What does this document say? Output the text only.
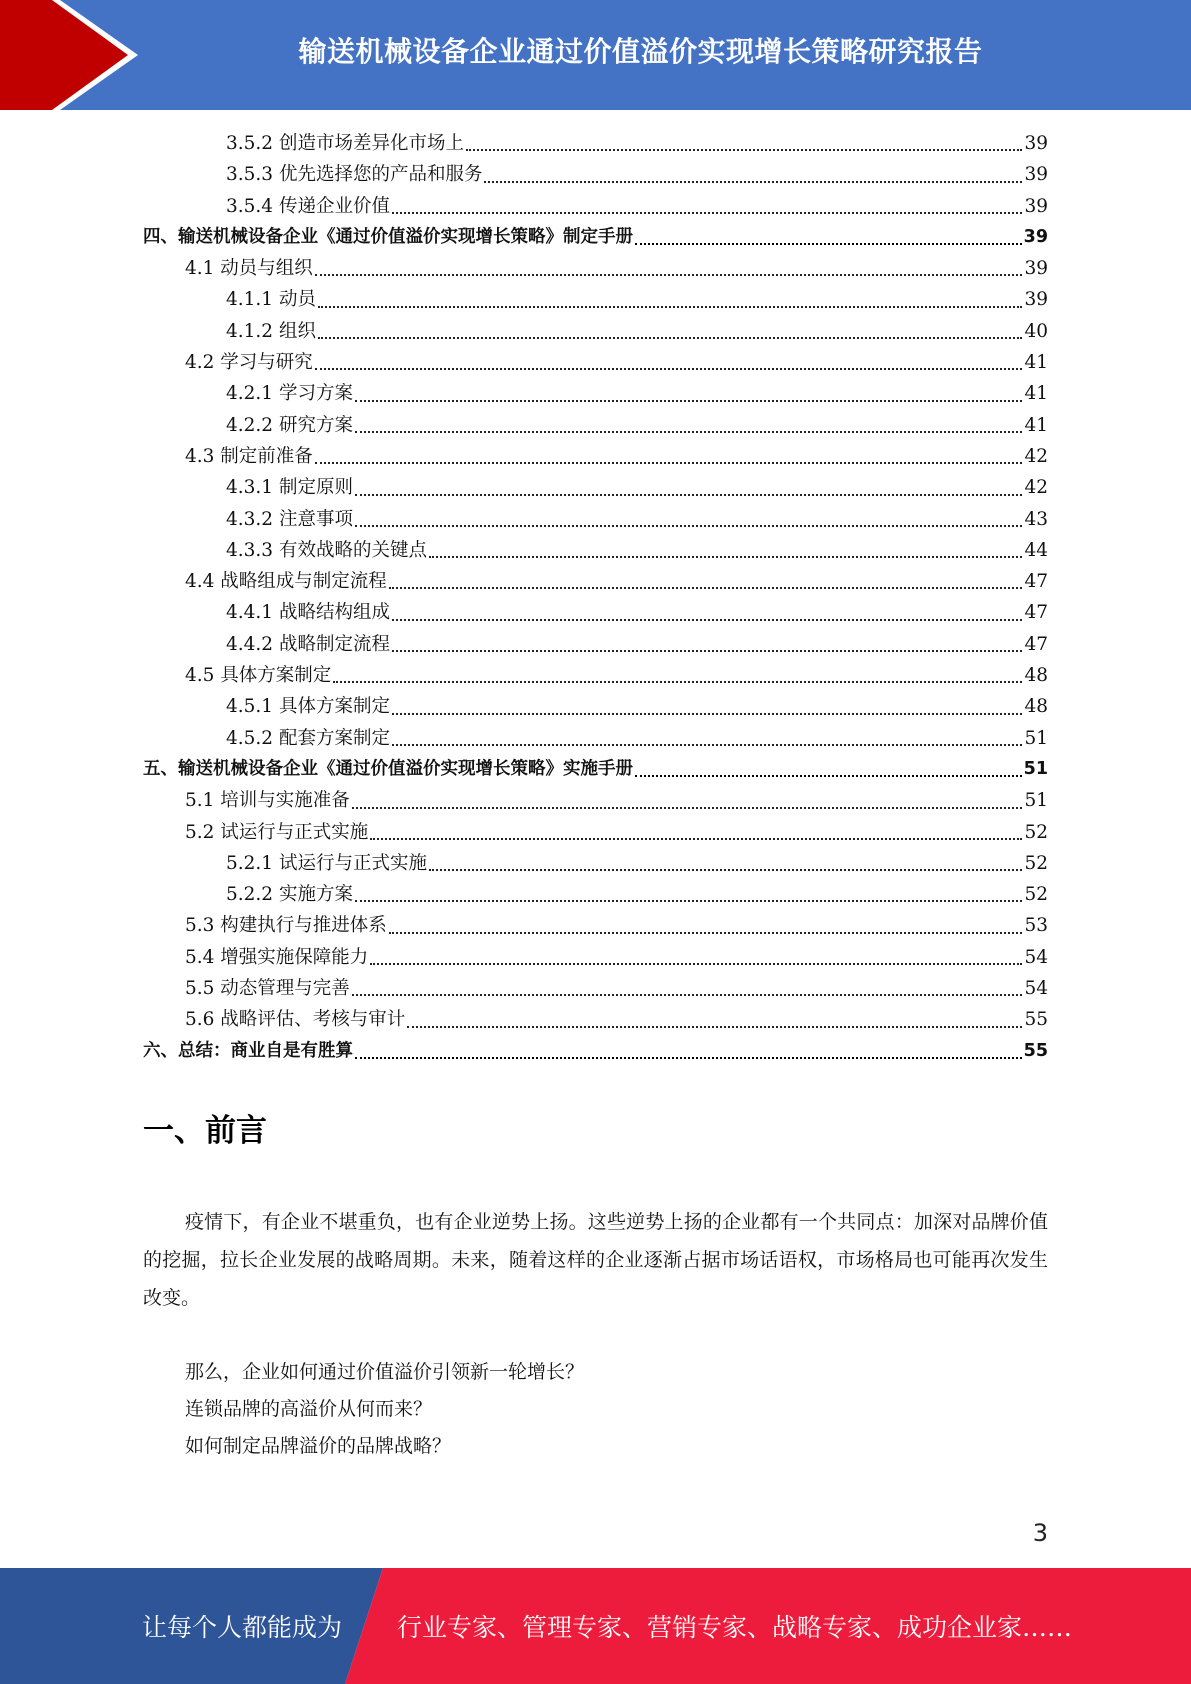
输送机械设备企业通过价值溢价实现增长策略研究报告
3.5.2 创造市场差异化市场上	39
3.5.3 优先选择您的产品和服务	39
3.5.4 传递企业价值	39
四、输送机械设备企业《通过价值溢价实现增长策略》制定手册	39
4.1 动员与组织	39
4.1.1 动员	39
4.1.2 组织	40
4.2 学习与研究	41
4.2.1 学习方案	41
4.2.2 研究方案	41
4.3 制定前准备	42
4.3.1 制定原则	42
4.3.2 注意事项	43
4.3.3 有效战略的关键点	44
4.4 战略组成与制定流程	47
4.4.1 战略结构组成	47
4.4.2 战略制定流程	47
4.5 具体方案制定	48
4.5.1 具体方案制定	48
4.5.2 配套方案制定	51
五、输送机械设备企业《通过价值溢价实现增长策略》实施手册	51
5.1 培训与实施准备	51
5.2 试运行与正式实施	52
5.2.1 试运行与正式实施	52
5.2.2 实施方案	52
5.3 构建执行与推进体系	53
5.4 增强实施保障能力	54
5.5 动态管理与完善	54
5.6 战略评估、考核与审计	55
六、总结：商业自是有胜算	55
一、前言
疫情下，有企业不堪重负，也有企业逆势上扬。这些逆势上扬的企业都有一个共同点：加深对品牌价值的挖掘，拉长企业发展的战略周期。未来，随着这样的企业逐渐占据市场话语权，市场格局也可能再次发生改变。
那么，企业如何通过价值溢价引领新一轮增长？
连锁品牌的高溢价从何而来？
如何制定品牌溢价的品牌战略？
3
让每个人都能成为 行业专家、管理专家、营销专家、战略专家、成功企业家……
